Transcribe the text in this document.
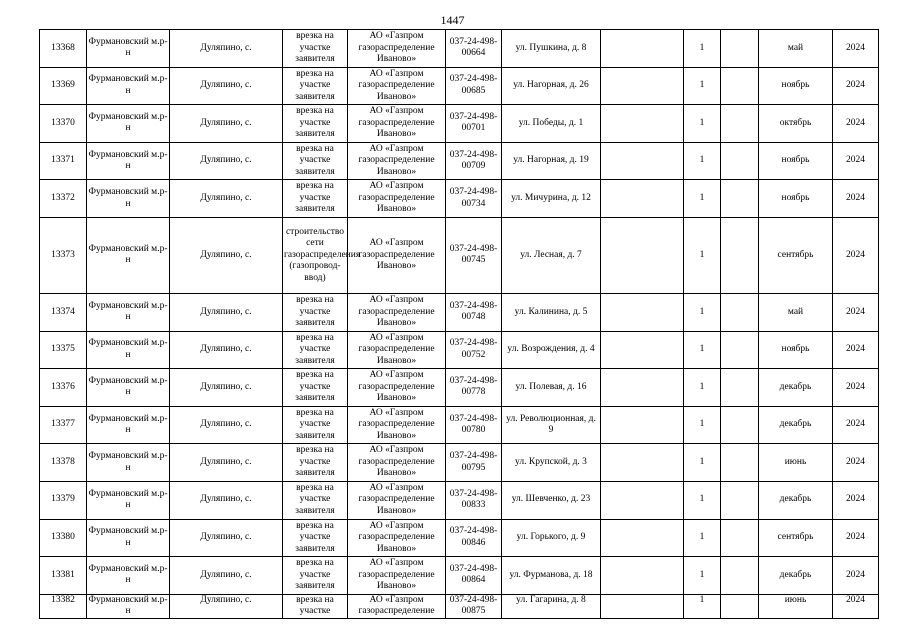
1447
13368	Фурмановский м.р-н	Дуляпино, с.	врезка на участке заявителя	АО «Газпром газораспределение Иваново»	037-24-498-00664	ул. Пушкина, д. 8		1		май	2024
13369	Фурмановский м.р-н	Дуляпино, с.	врезка на участке заявителя	АО «Газпром газораспределение Иваново»	037-24-498-00685	ул. Нагорная, д. 26		1		ноябрь	2024
13370	Фурмановский м.р-н	Дуляпино, с.	врезка на участке заявителя	АО «Газпром газораспределение Иваново»	037-24-498-00701	ул. Победы, д. 1		1		октябрь	2024
13371	Фурмановский м.р-н	Дуляпино, с.	врезка на участке заявителя	АО «Газпром газораспределение Иваново»	037-24-498-00709	ул. Нагорная, д. 19		1		ноябрь	2024
13372	Фурмановский м.р-н	Дуляпино, с.	врезка на участке заявителя	АО «Газпром газораспределение Иваново»	037-24-498-00734	ул. Мичурина, д. 12		1		ноябрь	2024
13373	Фурмановский м.р-н	Дуляпино, с.	строительство сети газораспределения (газопровод-ввод)	АО «Газпром газораспределение Иваново»	037-24-498-00745	ул. Лесная, д. 7		1		сентябрь	2024
13374	Фурмановский м.р-н	Дуляпино, с.	врезка на участке заявителя	АО «Газпром газораспределение Иваново»	037-24-498-00748	ул. Калинина, д. 5		1		май	2024
13375	Фурмановский м.р-н	Дуляпино, с.	врезка на участке заявителя	АО «Газпром газораспределение Иваново»	037-24-498-00752	ул. Возрождения, д. 4		1		ноябрь	2024
13376	Фурмановский м.р-н	Дуляпино, с.	врезка на участке заявителя	АО «Газпром газораспределение Иваново»	037-24-498-00778	ул. Полевая, д. 16		1		декабрь	2024
13377	Фурмановский м.р-н	Дуляпино, с.	врезка на участке заявителя	АО «Газпром газораспределение Иваново»	037-24-498-00780	ул. Революционная, д. 9		1		декабрь	2024
13378	Фурмановский м.р-н	Дуляпино, с.	врезка на участке заявителя	АО «Газпром газораспределение Иваново»	037-24-498-00795	ул. Крупской, д. 3		1		июнь	2024
13379	Фурмановский м.р-н	Дуляпино, с.	врезка на участке заявителя	АО «Газпром газораспределение Иваново»	037-24-498-00833	ул. Шевченко, д. 23		1		декабрь	2024
13380	Фурмановский м.р-н	Дуляпино, с.	врезка на участке заявителя	АО «Газпром газораспределение Иваново»	037-24-498-00846	ул. Горького, д. 9		1		сентябрь	2024
13381	Фурмановский м.р-н	Дуляпино, с.	врезка на участке заявителя	АО «Газпром газораспределение Иваново»	037-24-498-00864	ул. Фурманова, д. 18		1		декабрь	2024
13382	Фурмановский м.р-н	Дуляпино, с.	врезка на участке	АО «Газпром газораспределение	037-24-498-00875	ул. Гагарина, д. 8		1		июнь	2024
